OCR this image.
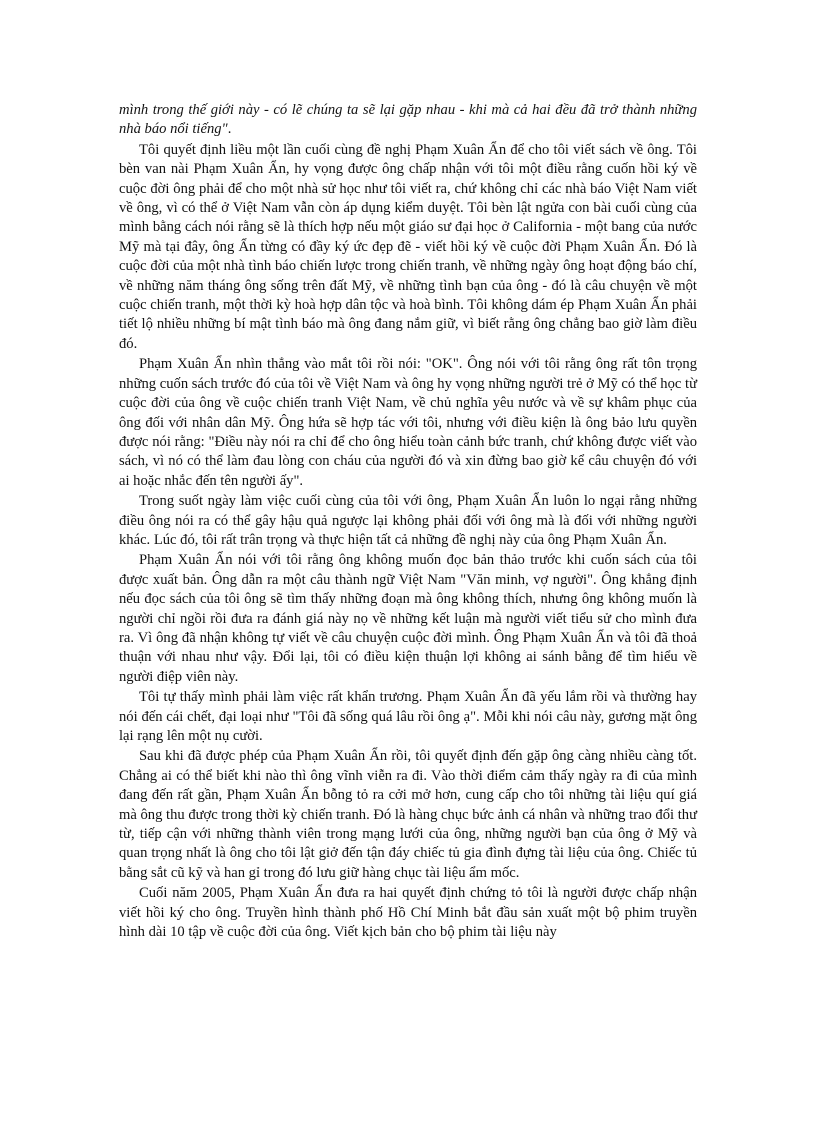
mình trong thế giới này - có lẽ chúng ta sẽ lại gặp nhau - khi mà cả hai đều đã trở thành những nhà báo nổi tiếng".

Tôi quyết định liều một lần cuối cùng đề nghị Phạm Xuân Ẩn để cho tôi viết sách về ông. Tôi bèn van nài Phạm Xuân Ẩn, hy vọng được ông chấp nhận với tôi một điều rằng cuốn hồi ký về cuộc đời ông phải để cho một nhà sử học như tôi viết ra, chứ không chỉ các nhà báo Việt Nam viết về ông, vì có thể ở Việt Nam vẫn còn áp dụng kiểm duyệt. Tôi bèn lật ngửa con bài cuối cùng của mình bằng cách nói rằng sẽ là thích hợp nếu một giáo sư đại học ở California - một bang của nước Mỹ mà tại đây, ông Ẩn từng có đầy ký ức đẹp đẽ - viết hồi ký về cuộc đời Phạm Xuân Ẩn. Đó là cuộc đời của một nhà tình báo chiến lược trong chiến tranh, về những ngày ông hoạt động báo chí, về những năm tháng ông sống trên đất Mỹ, về những tình bạn của ông - đó là câu chuyện về một cuộc chiến tranh, một thời kỳ hoà hợp dân tộc và hoà bình. Tôi không dám ép Phạm Xuân Ẩn phải tiết lộ nhiều những bí mật tình báo mà ông đang nắm giữ, vì biết rằng ông chẳng bao giờ làm điều đó.

Phạm Xuân Ẩn nhìn thẳng vào mắt tôi rồi nói: "OK". Ông nói với tôi rằng ông rất tôn trọng những cuốn sách trước đó của tôi về Việt Nam và ông hy vọng những người trẻ ở Mỹ có thể học từ cuộc đời của ông về cuộc chiến tranh Việt Nam, về chủ nghĩa yêu nước và về sự khâm phục của ông đối với nhân dân Mỹ. Ông hứa sẽ hợp tác với tôi, nhưng với điều kiện là ông bảo lưu quyền được nói rằng: "Điều này nói ra chỉ để cho ông hiểu toàn cảnh bức tranh, chứ không được viết vào sách, vì nó có thể làm đau lòng con cháu của người đó và xin đừng bao giờ kể câu chuyện đó với ai hoặc nhắc đến tên người ấy".

Trong suốt ngày làm việc cuối cùng của tôi với ông, Phạm Xuân Ẩn luôn lo ngại rằng những điều ông nói ra có thể gây hậu quả ngược lại không phải đối với ông mà là đối với những người khác. Lúc đó, tôi rất trân trọng và thực hiện tất cả những đề nghị này của ông Phạm Xuân Ẩn.

Phạm Xuân Ẩn nói với tôi rằng ông không muốn đọc bản thảo trước khi cuốn sách của tôi được xuất bản. Ông dẫn ra một câu thành ngữ Việt Nam "Văn minh, vợ người". Ông khẳng định nếu đọc sách của tôi ông sẽ tìm thấy những đoạn mà ông không thích, nhưng ông không muốn là người chỉ ngồi rồi đưa ra đánh giá này nọ về những kết luận mà người viết tiểu sử cho mình đưa ra. Vì ông đã nhận không tự viết về câu chuyện cuộc đời mình. Ông Phạm Xuân Ẩn và tôi đã thoả thuận với nhau như vậy. Đổi lại, tôi có điều kiện thuận lợi không ai sánh bằng để tìm hiểu về người điệp viên này.

Tôi tự thấy mình phải làm việc rất khẩn trương. Phạm Xuân Ẩn đã yếu lắm rồi và thường hay nói đến cái chết, đại loại như "Tôi đã sống quá lâu rồi ông ạ". Mỗi khi nói câu này, gương mặt ông lại rạng lên một nụ cười.

Sau khi đã được phép của Phạm Xuân Ẩn rồi, tôi quyết định đến gặp ông càng nhiều càng tốt. Chẳng ai có thể biết khi nào thì ông vĩnh viễn ra đi. Vào thời điểm cảm thấy ngày ra đi của mình đang đến rất gần, Phạm Xuân Ẩn bỗng tỏ ra cởi mở hơn, cung cấp cho tôi những tài liệu quí giá mà ông thu được trong thời kỳ chiến tranh. Đó là hàng chục bức ảnh cá nhân và những trao đổi thư từ, tiếp cận với những thành viên trong mạng lưới của ông, những người bạn của ông ở Mỹ và quan trọng nhất là ông cho tôi lật giở đến tận đáy chiếc tủ gia đình đựng tài liệu của ông. Chiếc tủ bằng sắt cũ kỹ và han gỉ trong đó lưu giữ hàng chục tài liệu ẩm mốc.

Cuối năm 2005, Phạm Xuân Ẩn đưa ra hai quyết định chứng tỏ tôi là người được chấp nhận viết hồi ký cho ông. Truyền hình thành phố Hồ Chí Minh bắt đầu sản xuất một bộ phim truyền hình dài 10 tập về cuộc đời của ông. Viết kịch bản cho bộ phim tài liệu này
